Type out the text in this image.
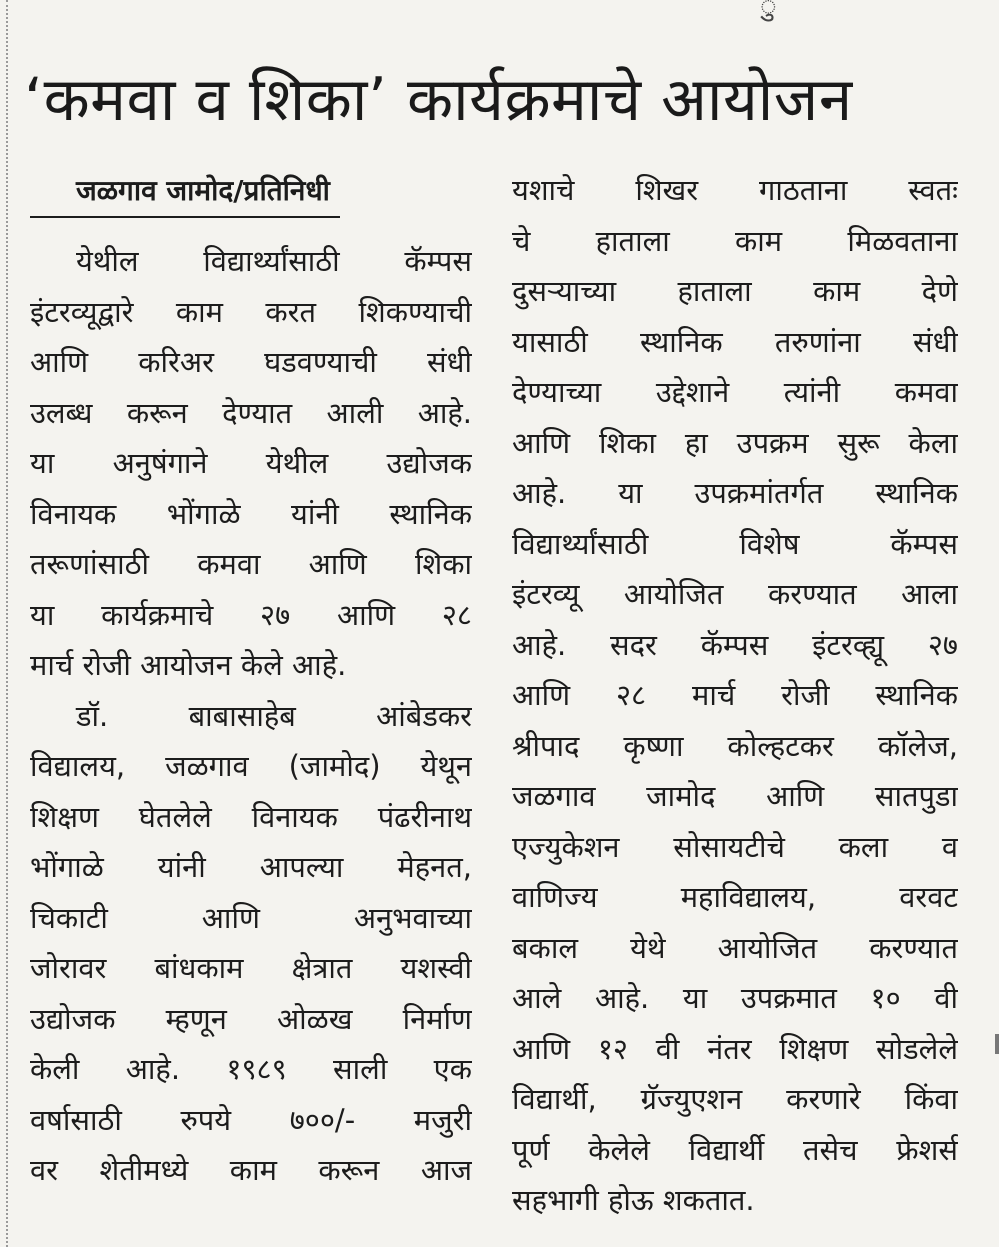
ु
‘कमवा व शिका’ कार्यक्रमाचे आयोजन
जळगाव जामोद/प्रतिनिधी
येथील विद्यार्थ्यांसाठी कॅम्पस
इंटरव्यूद्वारे काम करत शिकण्याची
आणि करिअर घडवण्याची संधी
उलब्ध करून देण्यात आली आहे.
या अनुषंगाने येथील उद्योजक
विनायक भोंगाळे यांनी स्थानिक
तरूणांसाठी कमवा आणि शिका
या कार्यक्रमाचे २७ आणि २८
मार्च रोजी आयोजन केले आहे.
डॉ. बाबासाहेब आंबेडकर
विद्यालय, जळगाव (जामोद) येथून
शिक्षण घेतलेले विनायक पंढरीनाथ
भोंगाळे यांनी आपल्या मेहनत,
चिकाटी आणि अनुभवाच्या
जोरावर बांधकाम क्षेत्रात यशस्वी
उद्योजक म्हणून ओळख निर्माण
केली आहे. १९८९ साली एक
वर्षासाठी रुपये ७००/- मजुरी
वर शेतीमध्ये काम करून आज
यशाचे शिखर गाठताना स्वतः
चे हाताला काम मिळवताना
दुसऱ्याच्या हाताला काम देणे
यासाठी स्थानिक तरुणांना संधी
देण्याच्या उद्देशाने त्यांनी कमवा
आणि शिका हा उपक्रम सुरू केला
आहे. या उपक्रमांतर्गत स्थानिक
विद्यार्थ्यांसाठी विशेष कॅम्पस
इंटरव्यू आयोजित करण्यात आला
आहे. सदर कॅम्पस इंटरव्ह्यू २७
आणि २८ मार्च रोजी स्थानिक
श्रीपाद कृष्णा कोल्हटकर कॉलेज,
जळगाव जामोद आणि सातपुडा
एज्युकेशन सोसायटीचे कला व
वाणिज्य महाविद्यालय, वरवट
बकाल येथे आयोजित करण्यात
आले आहे. या उपक्रमात १० वी
आणि १२ वी नंतर शिक्षण सोडलेले
विद्यार्थी, ग्रॅज्युएशन करणारे किंवा
पूर्ण केलेले विद्यार्थी तसेच फ्रेशर्स
सहभागी होऊ शकतात.
